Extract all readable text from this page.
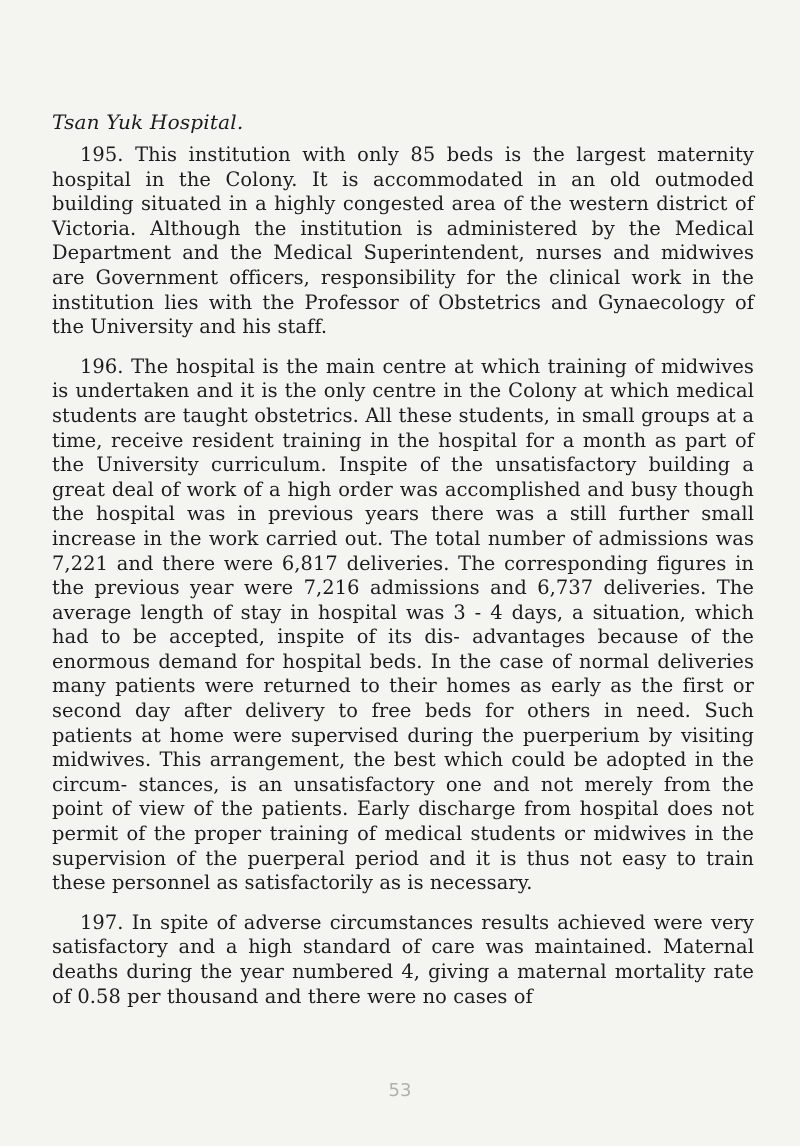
Tsan Yuk Hospital.

195. This institution with only 85 beds is the largest maternity hospital in the Colony. It is accommodated in an old outmoded building situated in a highly congested area of the western district of Victoria. Although the institution is administered by the Medical Department and the Medical Superintendent, nurses and midwives are Government officers, responsibility for the clinical work in the institution lies with the Professor of Obstetrics and Gynaecology of the University and his staff.

196. The hospital is the main centre at which training of midwives is undertaken and it is the only centre in the Colony at which medical students are taught obstetrics. All these students, in small groups at a time, receive resident training in the hospital for a month as part of the University curriculum. Inspite of the unsatisfactory building a great deal of work of a high order was accomplished and busy though the hospital was in previous years there was a still further small increase in the work carried out. The total number of admissions was 7,221 and there were 6,817 deliveries. The corresponding figures in the previous year were 7,216 admissions and 6,737 deliveries. The average length of stay in hospital was 3 - 4 days, a situation, which had to be accepted, inspite of its dis- advantages because of the enormous demand for hospital beds. In the case of normal deliveries many patients were returned to their homes as early as the first or second day after delivery to free beds for others in need. Such patients at home were supervised during the puerperium by visiting midwives. This arrangement, the best which could be adopted in the circum- stances, is an unsatisfactory one and not merely from the point of view of the patients. Early discharge from hospital does not permit of the proper training of medical students or midwives in the supervision of the puerperal period and it is thus not easy to train these personnel as satisfactorily as is necessary.

197. In spite of adverse circumstances results achieved were very satisfactory and a high standard of care was maintained. Maternal deaths during the year numbered 4, giving a maternal mortality rate of 0.58 per thousand and there were no cases of

53
